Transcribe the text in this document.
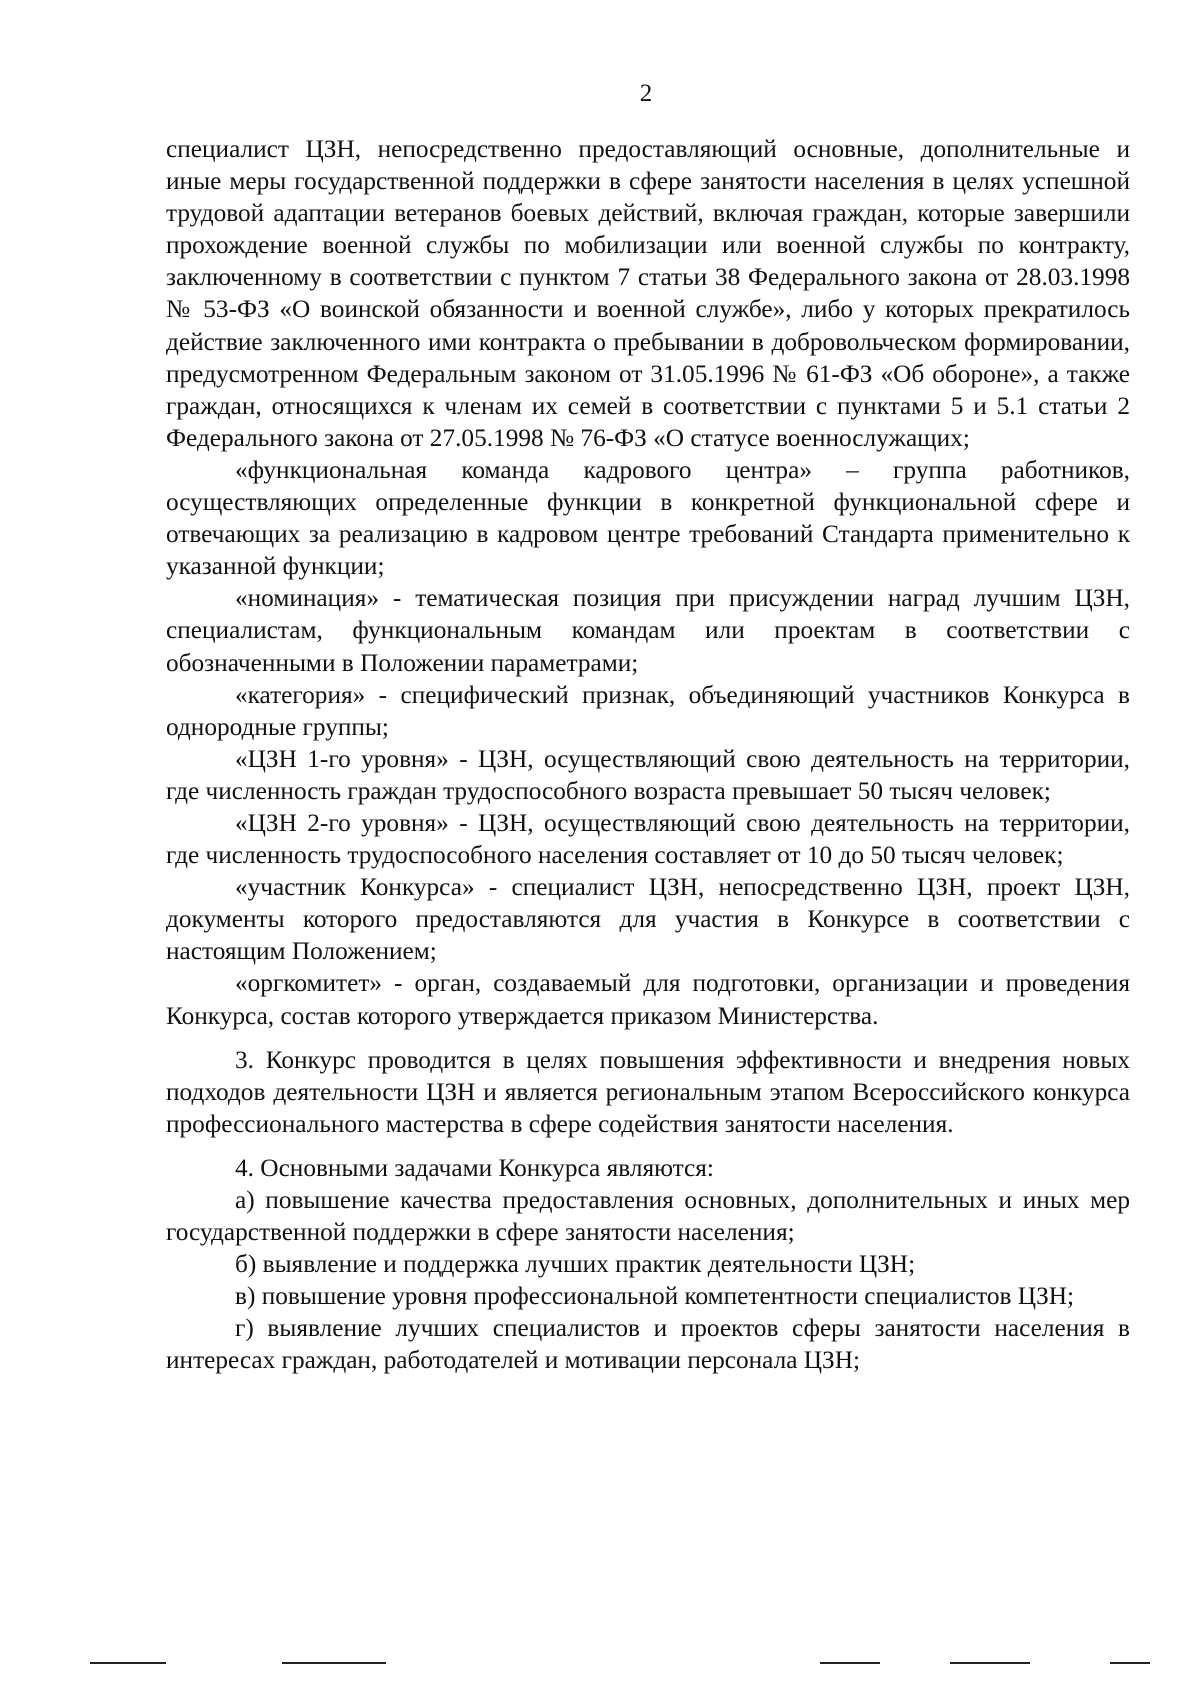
2

специалист ЦЗН, непосредственно предоставляющий основные, дополнительные и иные меры государственной поддержки в сфере занятости населения в целях успешной трудовой адаптации ветеранов боевых действий, включая граждан, которые завершили прохождение военной службы по мобилизации или военной службы по контракту, заключенному в соответствии с пунктом 7 статьи 38 Федерального закона от 28.03.1998 № 53-ФЗ «О воинской обязанности и военной службе», либо у которых прекратилось действие заключенного ими контракта о пребывании в добровольческом формировании, предусмотренном Федеральным законом от 31.05.1996 № 61-ФЗ «Об обороне», а также граждан, относящихся к членам их семей в соответствии с пунктами 5 и 5.1 статьи 2 Федерального закона от 27.05.1998 № 76-ФЗ «О статусе военнослужащих;

«функциональная команда кадрового центра» – группа работников, осуществляющих определенные функции в конкретной функциональной сфере и отвечающих за реализацию в кадровом центре требований Стандарта применительно к указанной функции;

«номинация» - тематическая позиция при присуждении наград лучшим ЦЗН, специалистам, функциональным командам или проектам в соответствии с обозначенными в Положении параметрами;

«категория» - специфический признак, объединяющий участников Конкурса в однородные группы;

«ЦЗН 1-го уровня» - ЦЗН, осуществляющий свою деятельность на территории, где численность граждан трудоспособного возраста превышает 50 тысяч человек;

«ЦЗН 2-го уровня» - ЦЗН, осуществляющий свою деятельность на территории, где численность трудоспособного населения составляет от 10 до 50 тысяч человек;

«участник Конкурса» - специалист ЦЗН, непосредственно ЦЗН, проект ЦЗН, документы которого предоставляются для участия в Конкурсе в соответствии с настоящим Положением;

«оргкомитет» - орган, создаваемый для подготовки, организации и проведения Конкурса, состав которого утверждается приказом Министерства.

3. Конкурс проводится в целях повышения эффективности и внедрения новых подходов деятельности ЦЗН и является региональным этапом Всероссийского конкурса профессионального мастерства в сфере содействия занятости населения.

4. Основными задачами Конкурса являются:

а) повышение качества предоставления основных, дополнительных и иных мер государственной поддержки в сфере занятости населения;

б) выявление и поддержка лучших практик деятельности ЦЗН;

в) повышение уровня профессиональной компетентности специалистов ЦЗН;

г) выявление лучших специалистов и проектов сферы занятости населения в интересах граждан, работодателей и мотивации персонала ЦЗН;
